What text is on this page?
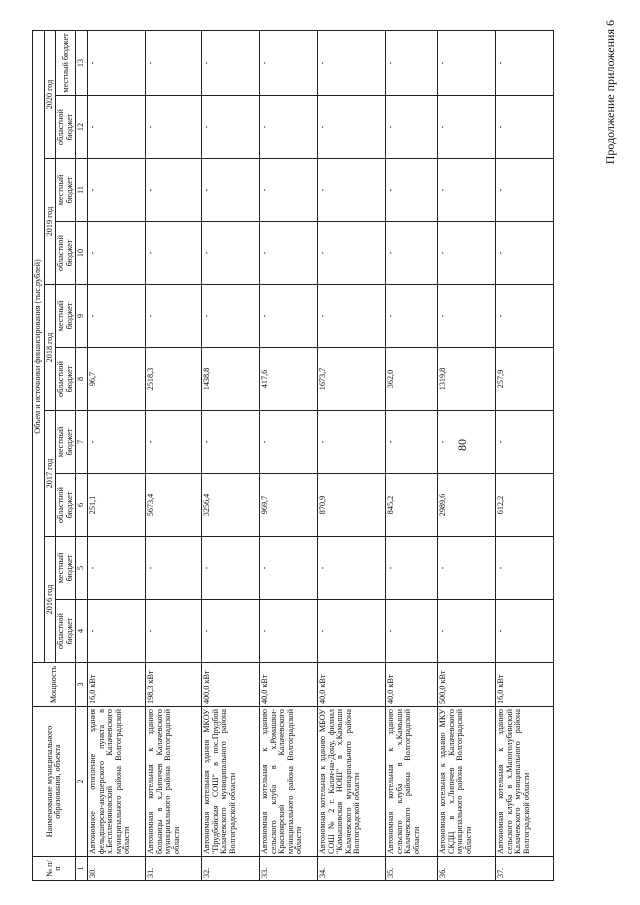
80
Продолжение приложения 6
№ п/п	Наименование муниципального образования, объекта	Мощность	Объем и источники финансирования (тыс.рублей)									
			2016 год		2017 год		2018 год		2019 год		2020 год	
			областной бюджет	местный бюджет	областной бюджет	местный бюджет	областной бюджет	местный бюджет	областной бюджет	местный бюджет	областной бюджет	местный бюджет
1	2	3	4	5	6	7	8	9	10	11	12	13
30.	Автономное отопление здания фельдшерско-акушерского пункта в х.Бесплемяновский Калачевского муниципального района Волгоградской области	16,0 кВт	-	-	251,1	-	96,7	-	-	-	-	-
31.	Автономная котельная к зданию больницы в х.Липичев Калачевского муниципального района Волгоградской области	198,3 кВт	-	-	5673,4	-	2518,3	-	-	-	-	-
32.	Автономная котельная здания МКОУ "Прудбойская СОШ" в пос.Прудбой Калачевского муниципального района Волгоградской области	400,0 кВт	-	-	3256,4	-	1438,8	-	-	-	-	-
33.	Автономная котельная к зданию сельского клуба в х.Ромашки-Красноярский Калачевского муниципального района Волгоградской области	40,0 кВт	-	-	969,7	-	417,6	-	-	-	-	-
34.	Автономная котельная к зданию МБОУ СОШ № 2 г. Калач-на-Дону, филиал "Камышовская НОШ" в х.Камыши Калачевского муниципального района Волгоградской области	40,0 кВт	-	-	870,9	-	1673,7	-	-	-	-	-
35.	Автономная котельная к зданию сельского клуба в х.Камыши Калачевского района Волгоградской области	40,0 кВт	-	-	845,2	-	362,0	-	-	-	-	-
36.	Автономная котельная к зданию МКУ СКДЦ в х.Липичев Калачевского муниципального района Волгоградской области	500,0 кВт	-	-	2989,6	-	1319,8	-	-	-	-	-
37.	Автономная котельная к зданию сельского клуба в х.Малоголубинский Калачевского муниципального района Волгоградской области	16,0 кВт	-	-	612,2	-	257,9	-	-	-	-	-
